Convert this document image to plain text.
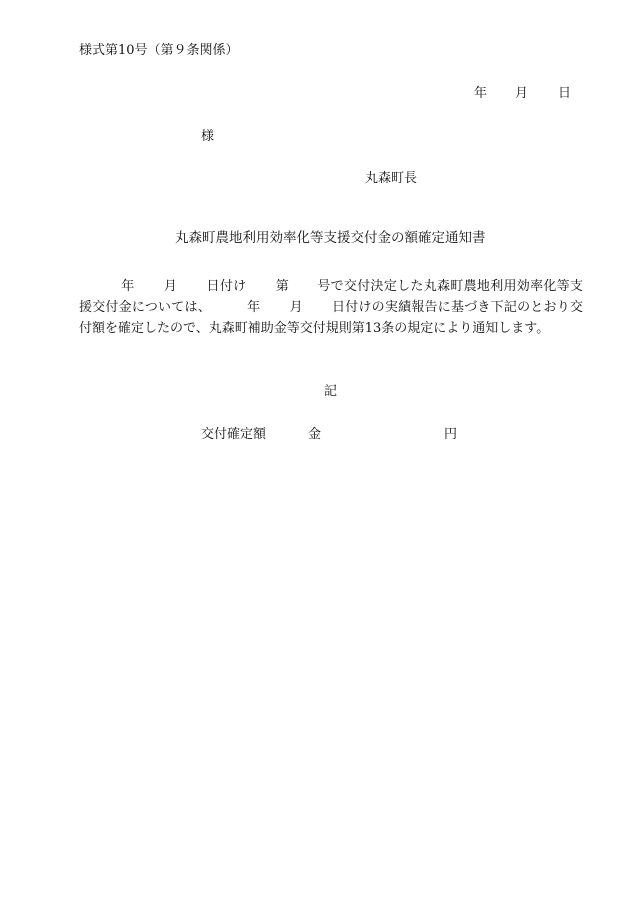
様式第10号（第９条関係）
年 月 日
様
丸森町長
丸森町農地利用効率化等支援交付金の額確定通知書
年 月 日付け 第 号で交付決定した丸森町農地利用効率化等支援交付金については、	年 月 日付けの実績報告に基づき下記のとおり交付額を確定したので、丸森町補助金等交付規則第13条の規定により通知します。
記
交付確定額	金	円
